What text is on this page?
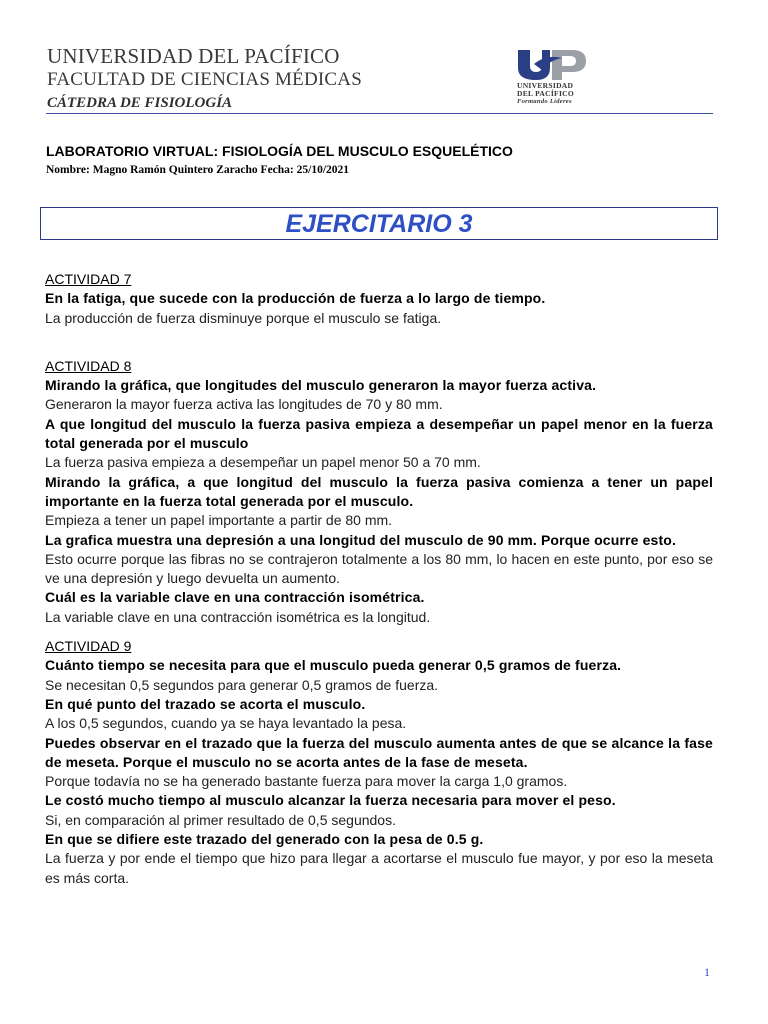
UNIVERSIDAD DEL PACÍFICO
FACULTAD DE CIENCIAS MÉDICAS
CÁTEDRA DE FISIOLOGÍA
UNIVERSIDAD
DEL PACÍFICO
Formando Líderes
LABORATORIO VIRTUAL: FISIOLOGÍA DEL MUSCULO ESQUELÉTICO
Nombre: Magno Ramón Quintero Zaracho Fecha: 25/10/2021
EJERCITARIO 3

ACTIVIDAD 7

En la fatiga, que sucede con la producción de fuerza a lo largo de tiempo.

La producción de fuerza disminuye porque el musculo se fatiga.

ACTIVIDAD 8

Mirando la gráfica, que longitudes del musculo generaron la mayor fuerza activa.

Generaron la mayor fuerza activa las longitudes de 70 y 80 mm.

A que longitud del musculo la fuerza pasiva empieza a desempeñar un papel menor en la fuerza total generada por el musculo

La fuerza pasiva empieza a desempeñar un papel menor 50 a 70 mm.

Mirando la gráfica, a que longitud del musculo la fuerza pasiva comienza a tener un papel importante en la fuerza total generada por el musculo.

Empieza a tener un papel importante a partir de 80 mm.

La grafica muestra una depresión a una longitud del musculo de 90 mm. Porque ocurre esto.

Esto ocurre porque las fibras no se contrajeron totalmente a los 80 mm, lo hacen en este punto, por eso se ve una depresión y luego devuelta un aumento.

Cuál es la variable clave en una contracción isométrica.

La variable clave en una contracción isométrica es la longitud.

ACTIVIDAD 9

Cuánto tiempo se necesita para que el musculo pueda generar 0,5 gramos de fuerza.

Se necesitan 0,5 segundos para generar 0,5 gramos de fuerza.

En qué punto del trazado se acorta el musculo.

A los 0,5 segundos, cuando ya se haya levantado la pesa.

Puedes observar en el trazado que la fuerza del musculo aumenta antes de que se alcance la fase de meseta. Porque el musculo no se acorta antes de la fase de meseta.

Porque todavía no se ha generado bastante fuerza para mover la carga 1,0 gramos.

Le costó mucho tiempo al musculo alcanzar la fuerza necesaria para mover el peso.

Si, en comparación al primer resultado de 0,5 segundos.

En que se difiere este trazado del generado con la pesa de 0.5 g.

La fuerza y por ende el tiempo que hizo para llegar a acortarse el musculo fue mayor, y por eso la meseta es más corta.

1
